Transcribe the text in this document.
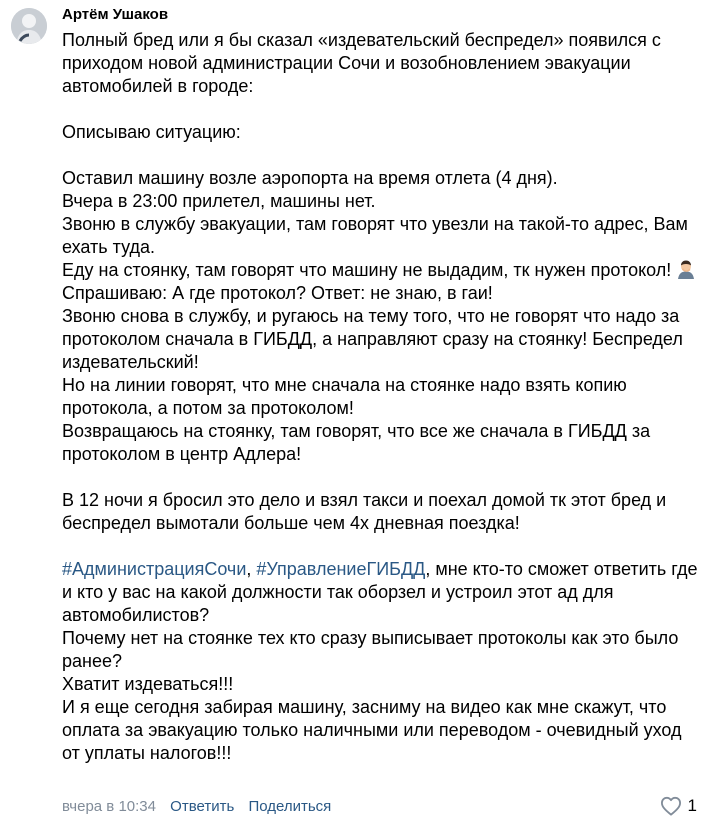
Артём Ушаков
Полный бред или я бы сказал «издевательский беспредел» появился с
приходом новой администрации Сочи и возобновлением эвакуации
автомобилей в городе:
Описываю ситуацию:
Оставил машину возле аэропорта на время отлета (4 дня).
Вчера в 23:00 прилетел, машины нет.
Звоню в службу эвакуации, там говорят что увезли на такой-то адрес, Вам
ехать туда.
Еду на стоянку, там говорят что машину не выдадим, тк нужен протокол!
Спрашиваю: А где протокол? Ответ: не знаю, в гаи!
Звоню снова в службу, и ругаюсь на тему того, что не говорят что надо за
протоколом сначала в ГИБДД, а направляют сразу на стоянку! Беспредел
издевательский!
Но на линии говорят, что мне сначала на стоянке надо взять копию
протокола, а потом за протоколом!
Возвращаюсь на стоянку, там говорят, что все же сначала в ГИБДД за
протоколом в центр Адлера!
В 12 ночи я бросил это дело и взял такси и поехал домой тк этот бред и
беспредел вымотали больше чем 4х дневная поездка!
#АдминистрацияСочи, #УправлениеГИБДД, мне кто-то сможет ответить где
и кто у вас на какой должности так оборзел и устроил этот ад для
автомобилистов?
Почему нет на стоянке тех кто сразу выписывает протоколы как это было
ранее?
Хватит издеваться!!!
И я еще сегодня забирая машину, засниму на видео как мне скажут, что
оплата за эвакуацию только наличными или переводом - очевидный уход
от уплаты налогов!!!
вчера в 10:34 Ответить Поделиться	1
